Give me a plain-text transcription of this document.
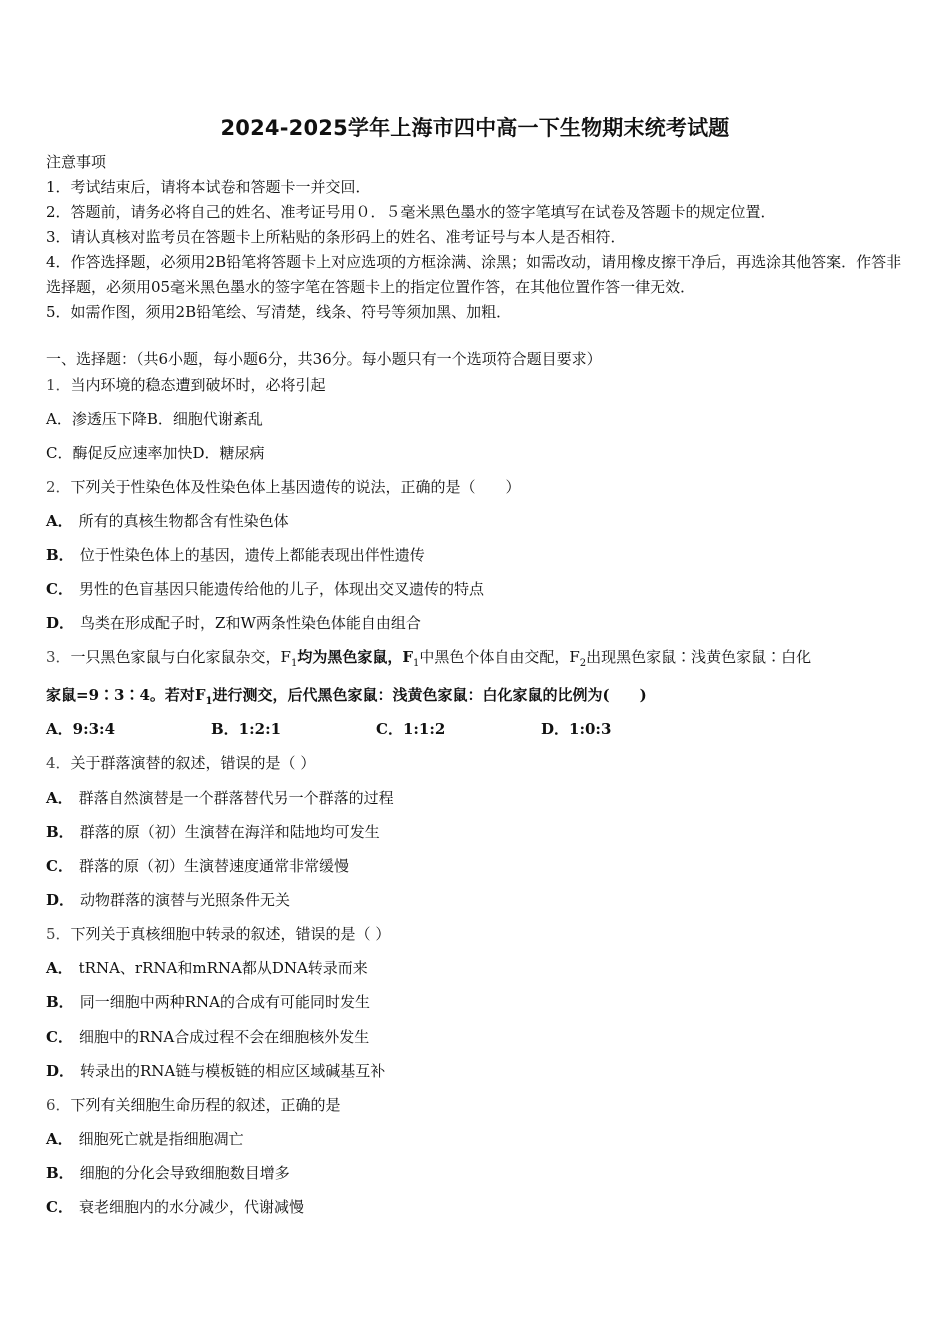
2024-2025学年上海市四中高一下生物期末统考试题
注意事项
1．考试结束后，请将本试卷和答题卡一并交回．
2．答题前，请务必将自己的姓名、准考证号用０．５毫米黑色墨水的签字笔填写在试卷及答题卡的规定位置．
3．请认真核对监考员在答题卡上所粘贴的条形码上的姓名、准考证号与本人是否相符．
4．作答选择题，必须用2B铅笔将答题卡上对应选项的方框涂满、涂黑；如需改动，请用橡皮擦干净后，再选涂其他答案．作答非选择题，必须用05毫米黑色墨水的签字笔在答题卡上的指定位置作答，在其他位置作答一律无效．
5．如需作图，须用2B铅笔绘、写清楚，线条、符号等须加黑、加粗．
一、选择题：（共6小题，每小题6分，共36分。每小题只有一个选项符合题目要求）
1．当内环境的稳态遭到破坏时，必将引起
A．渗透压下降B．细胞代谢紊乱
C．酶促反应速率加快D．糖尿病
2．下列关于性染色体及性染色体上基因遗传的说法，正确的是（　　）
A． 所有的真核生物都含有性染色体
B． 位于性染色体上的基因，遗传上都能表现出伴性遗传
C． 男性的色盲基因只能遗传给他的儿子，体现出交叉遗传的特点
D． 鸟类在形成配子时，Z和W两条性染色体能自由组合
3．一只黑色家鼠与白化家鼠杂交，$F_1$均为黑色家鼠，$F_1$中黑色个体自由交配，$F_2$出现黑色家鼠∶浅黄色家鼠∶白化
家鼠=9∶3∶4。若对$F_1$进行测交，后代黑色家鼠：浅黄色家鼠：白化家鼠的比例为(　　)
A．9:3:4	B．1:2:1	C．1:1:2	D．1:0:3
4．关于群落演替的叙述，错误的是（ ）
A． 群落自然演替是一个群落替代另一个群落的过程
B． 群落的原（初）生演替在海洋和陆地均可发生
C． 群落的原（初）生演替速度通常非常缓慢
D． 动物群落的演替与光照条件无关
5．下列关于真核细胞中转录的叙述，错误的是（ ）
A． tRNA、rRNA和mRNA都从DNA转录而来
B． 同一细胞中两种RNA的合成有可能同时发生
C． 细胞中的RNA合成过程不会在细胞核外发生
D． 转录出的RNA链与模板链的相应区域碱基互补
6．下列有关细胞生命历程的叙述，正确的是
A． 细胞死亡就是指细胞凋亡
B． 细胞的分化会导致细胞数目增多
C． 衰老细胞内的水分减少，代谢减慢
